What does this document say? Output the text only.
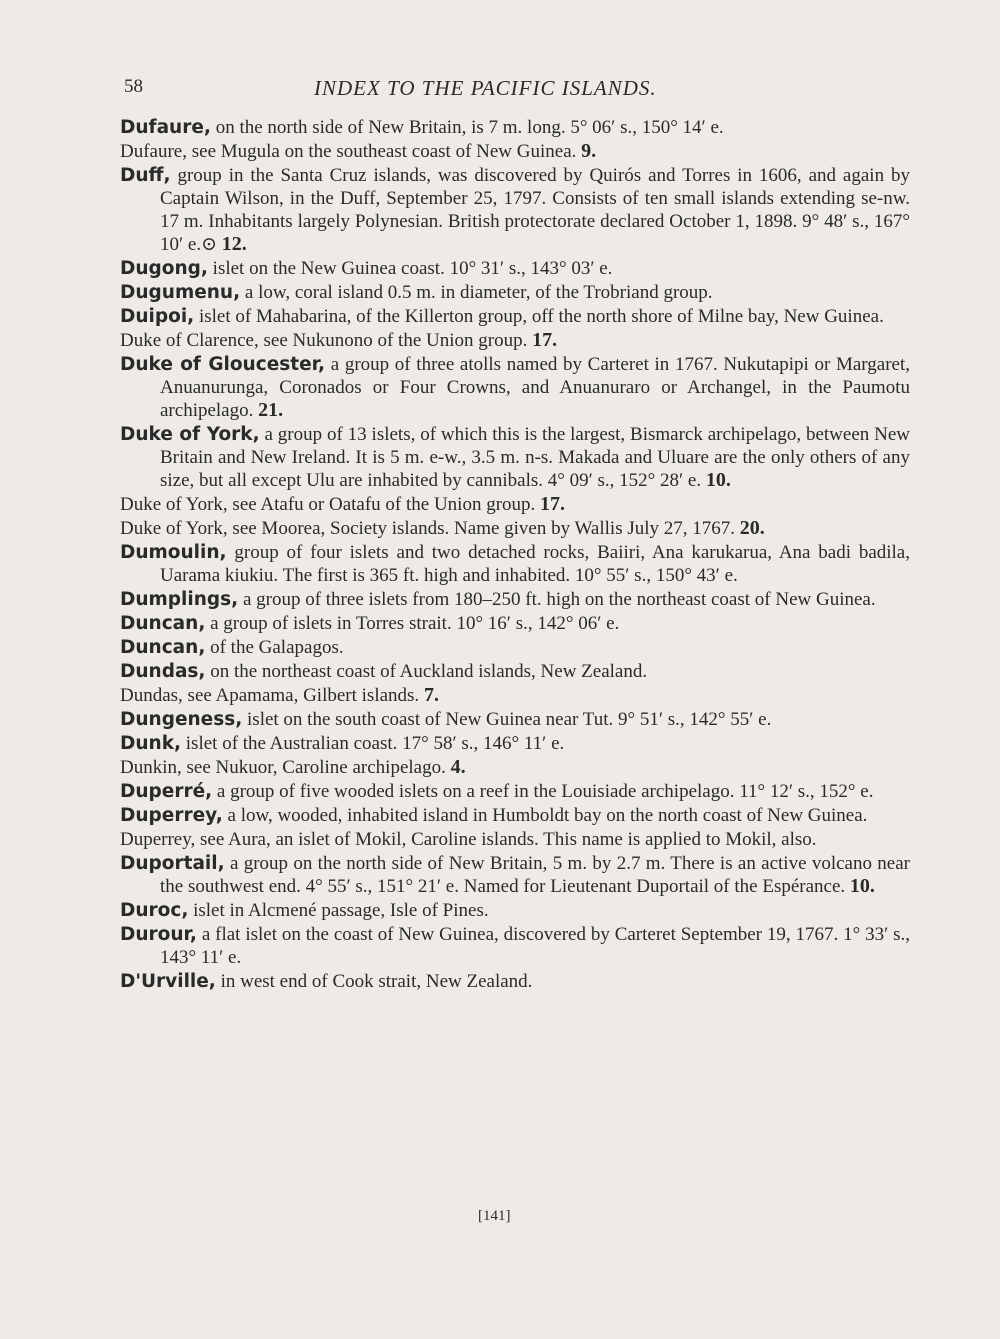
58	INDEX TO THE PACIFIC ISLANDS.

Dufaure, on the north side of New Britain, is 7 m. long. 5° 06′ s., 150° 14′ e.

Dufaure, see Mugula on the southeast coast of New Guinea. 9.

Duff, group in the Santa Cruz islands, was discovered by Quirós and Torres in 1606, and again by Captain Wilson, in the Duff, September 25, 1797. Consists of ten small islands extending se-nw. 17 m. Inhabitants largely Polynesian. British protectorate declared October 1, 1898. 9° 48′ s., 167° 10′ e.⊙ 12.

Dugong, islet on the New Guinea coast. 10° 31′ s., 143° 03′ e.

Dugumenu, a low, coral island 0.5 m. in diameter, of the Trobriand group.

Duipoi, islet of Mahabarina, of the Killerton group, off the north shore of Milne bay, New Guinea.

Duke of Clarence, see Nukunono of the Union group. 17.

Duke of Gloucester, a group of three atolls named by Carteret in 1767. Nukutapipi or Margaret, Anuanurunga, Coronados or Four Crowns, and Anuanuraro or Archangel, in the Paumotu archipelago. 21.

Duke of York, a group of 13 islets, of which this is the largest, Bismarck archipelago, between New Britain and New Ireland. It is 5 m. e-w., 3.5 m. n-s. Makada and Uluare are the only others of any size, but all except Ulu are inhabited by cannibals. 4° 09′ s., 152° 28′ e. 10.

Duke of York, see Atafu or Oatafu of the Union group. 17.

Duke of York, see Moorea, Society islands. Name given by Wallis July 27, 1767. 20.

Dumoulin, group of four islets and two detached rocks, Baiiri, Ana karukarua, Ana badi badila, Uarama kiukiu. The first is 365 ft. high and inhabited. 10° 55′ s., 150° 43′ e.

Dumplings, a group of three islets from 180–250 ft. high on the northeast coast of New Guinea.

Duncan, a group of islets in Torres strait. 10° 16′ s., 142° 06′ e.

Duncan, of the Galapagos.

Dundas, on the northeast coast of Auckland islands, New Zealand.

Dundas, see Apamama, Gilbert islands. 7.

Dungeness, islet on the south coast of New Guinea near Tut. 9° 51′ s., 142° 55′ e.

Dunk, islet of the Australian coast. 17° 58′ s., 146° 11′ e.

Dunkin, see Nukuor, Caroline archipelago. 4.

Duperré, a group of five wooded islets on a reef in the Louisiade archipelago. 11° 12′ s., 152° e.

Duperrey, a low, wooded, inhabited island in Humboldt bay on the north coast of New Guinea.

Duperrey, see Aura, an islet of Mokil, Caroline islands. This name is applied to Mokil, also.

Duportail, a group on the north side of New Britain, 5 m. by 2.7 m. There is an active volcano near the southwest end. 4° 55′ s., 151° 21′ e. Named for Lieutenant Duportail of the Espérance. 10.

Duroc, islet in Alcmené passage, Isle of Pines.

Durour, a flat islet on the coast of New Guinea, discovered by Carteret September 19, 1767. 1° 33′ s., 143° 11′ e.

D'Urville, in west end of Cook strait, New Zealand.

[141]
